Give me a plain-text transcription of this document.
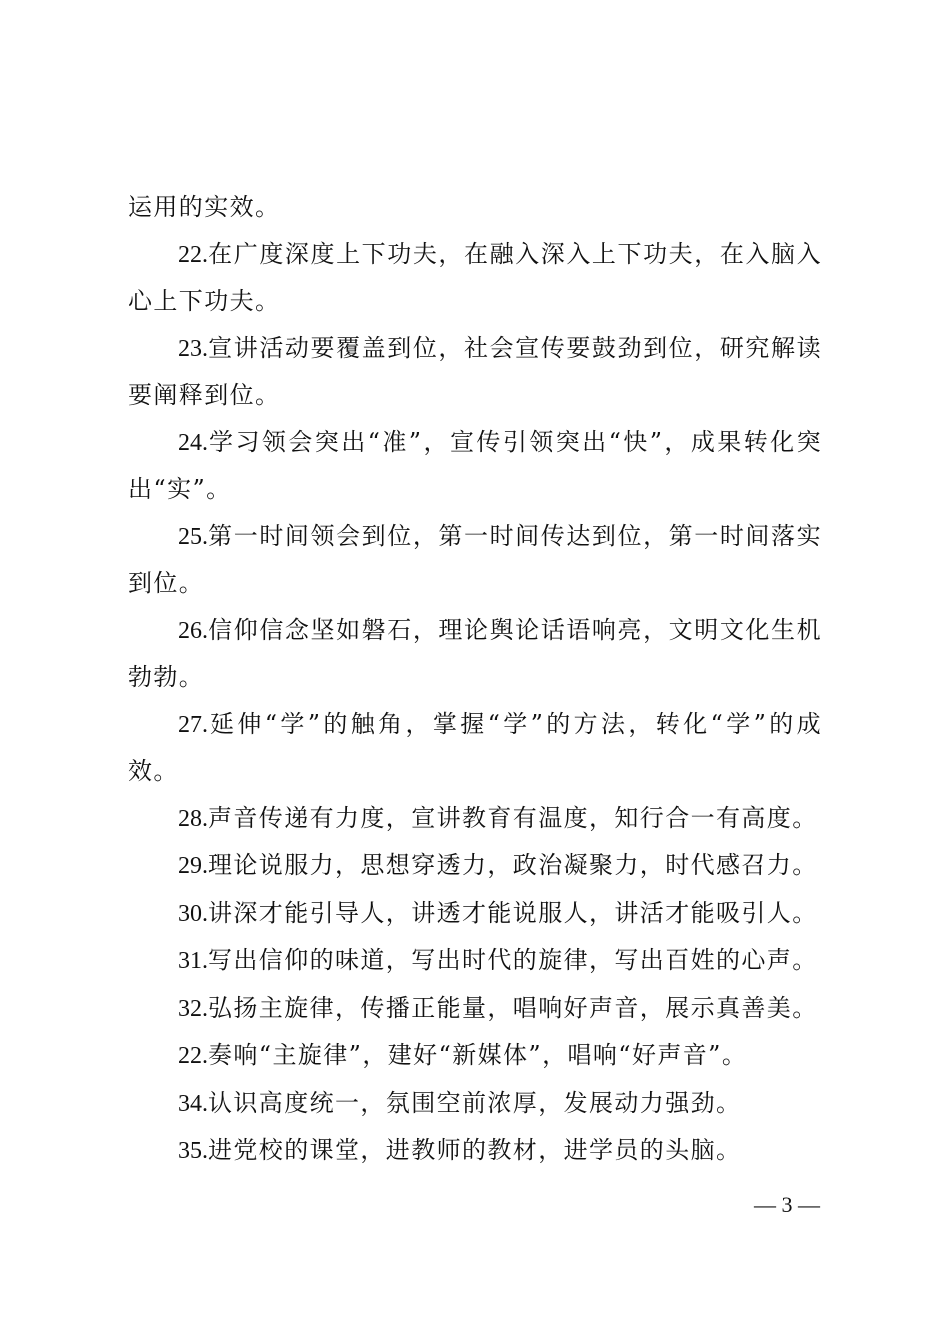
运用的实效。

22.在广度深度上下功夫，在融入深入上下功夫，在入脑入心上下功夫。

23.宣讲活动要覆盖到位，社会宣传要鼓劲到位，研究解读要阐释到位。

24.学习领会突出“准”，宣传引领突出“快”，成果转化突出“实”。

25.第一时间领会到位，第一时间传达到位，第一时间落实到位。

26.信仰信念坚如磐石，理论舆论话语响亮，文明文化生机勃勃。

27.延伸“学”的触角，掌握“学”的方法，转化“学”的成效。

28.声音传递有力度，宣讲教育有温度，知行合一有高度。

29.理论说服力，思想穿透力，政治凝聚力，时代感召力。

30.讲深才能引导人，讲透才能说服人，讲活才能吸引人。

31.写出信仰的味道，写出时代的旋律，写出百姓的心声。

32.弘扬主旋律，传播正能量，唱响好声音，展示真善美。

22.奏响“主旋律”，建好“新媒体”，唱响“好声音”。

34.认识高度统一，氛围空前浓厚，发展动力强劲。

35.进党校的课堂，进教师的教材，进学员的头脑。

— 3 —
